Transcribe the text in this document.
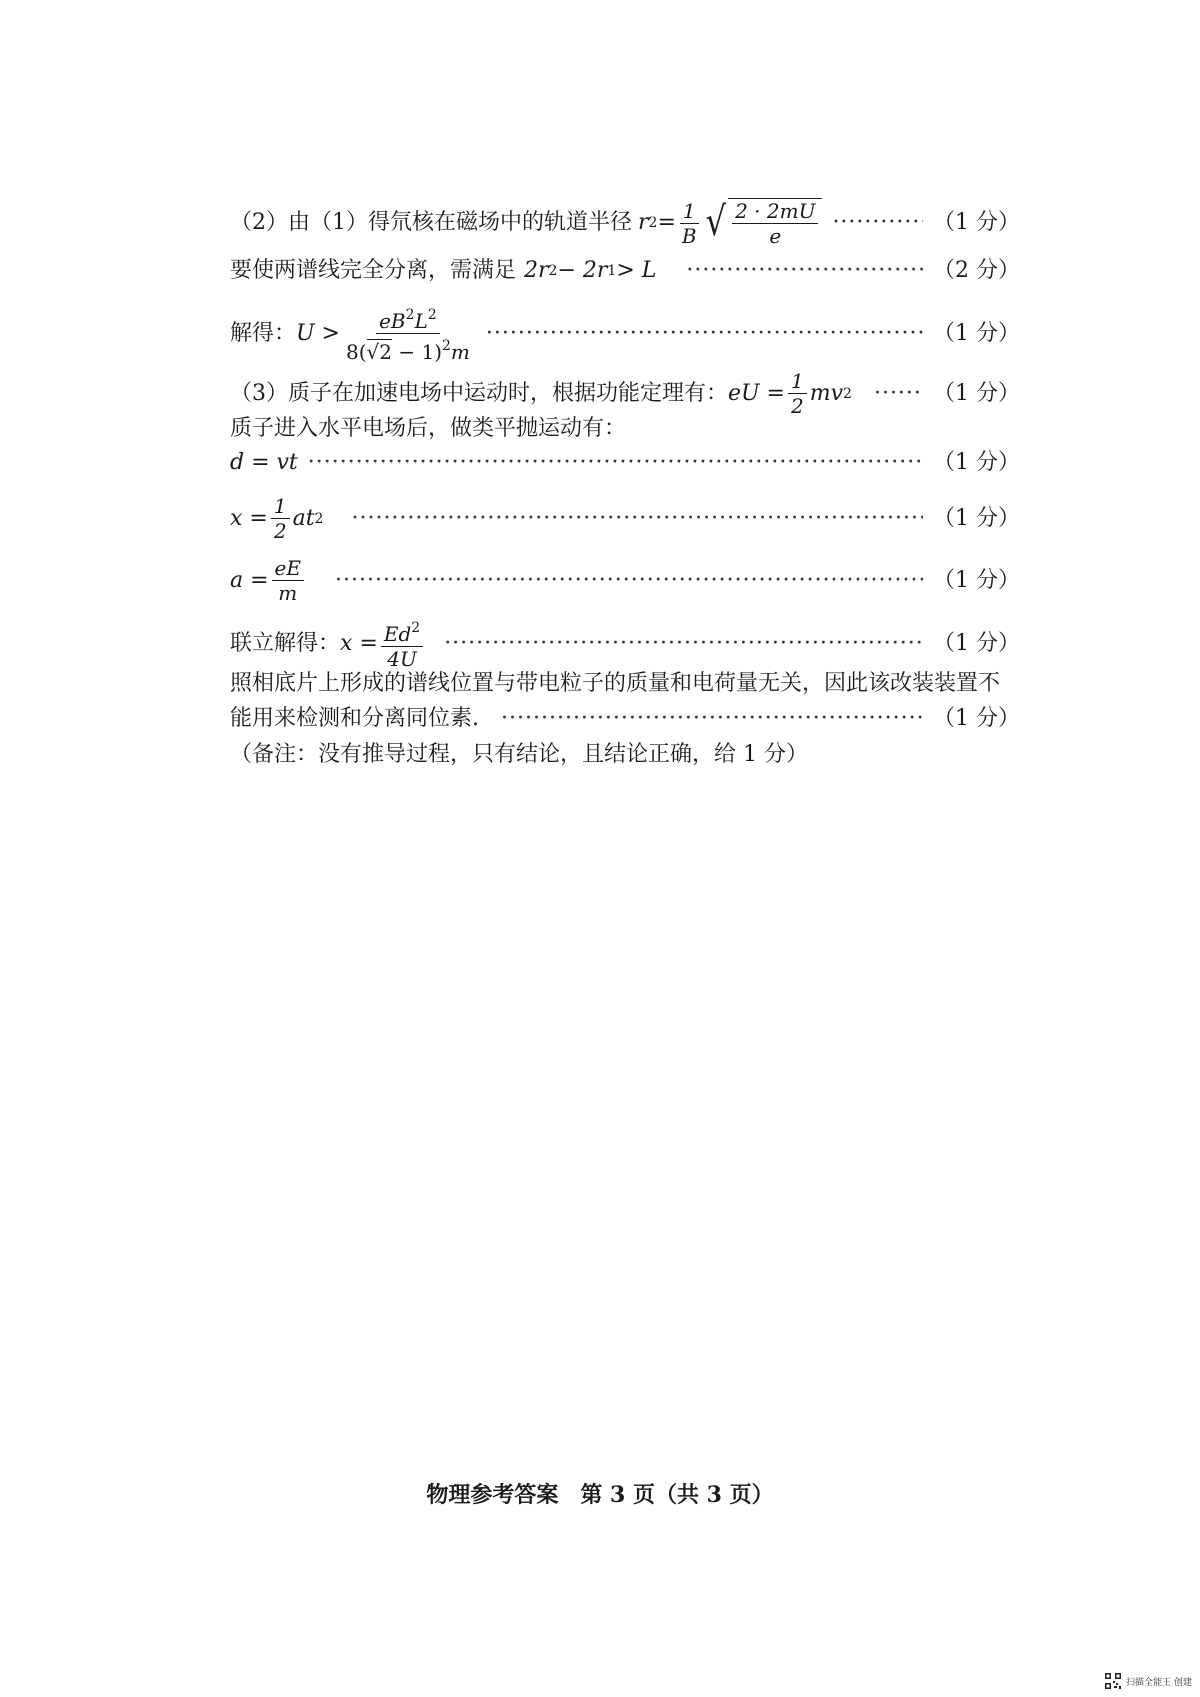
（2）由（1）得氘核在磁场中的轨道半径 r $2 = \frac{1}{B}$ √ $\frac{2 \cdot 2mU}{e}$ ·····	（1 分）
要使两谱线完全分离，需满足 2r 2 − 2r 1 > L ·····	（2 分）
解得： $U > \frac{eB^2L^2}{8(√2 - 1)^2m}$ ·····	（1 分）
（3）质子在加速电场中运动时，根据功能定理有： eU = $\frac{1}{2}$ mv 2 ·····	（1 分）
质子进入水平电场后，做类平抛运动有：
d = vt ·····	（1 分）
$x = \frac{1}{2}$ at 2 ·····	（1 分）
$a = \frac{eE}{m}$ ·····	（1 分）
联立解得： $x = \frac{Ed^2}{4U}$ ·····	（1 分）
照相底片上形成的谱线位置与带电粒子的质量和电荷量无关，因此该改装装置不
能用来检测和分离同位素. ·····	（1 分）
（备注：没有推导过程，只有结论，且结论正确，给 1 分）
物理参考答案　第 3 页（共 3 页）
扫描全能王 创建
